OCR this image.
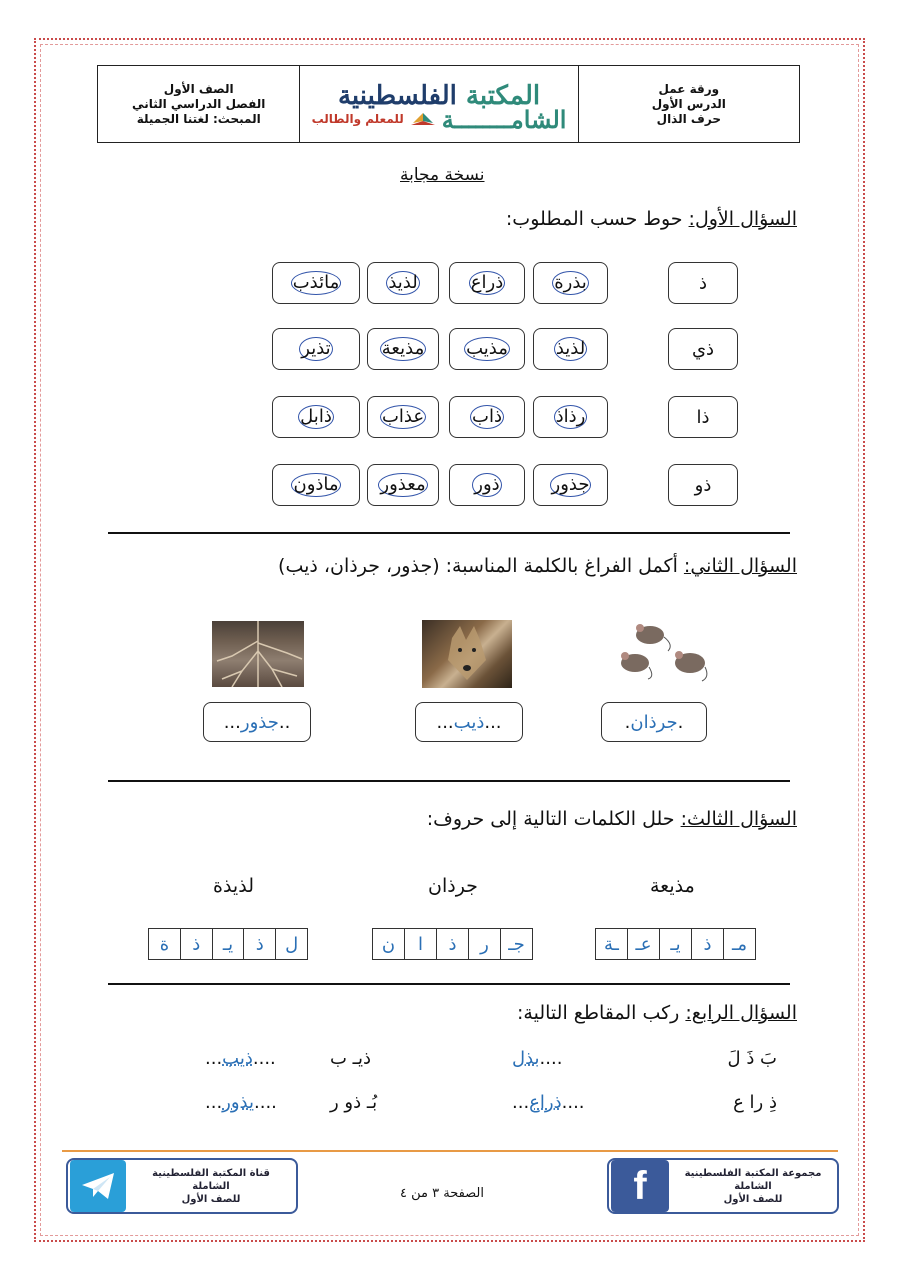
الصف الأول
الفصل الدراسي الثاني
المبحث: لغتنا الجميلة
المكتبة الفلسطينية
الشامــــــــة
للمعلم والطالب
ورقة عمل
الدرس الأول
حرف الذال
نسخة مجابة
السؤال الأول: حوط حسب المطلوب:
ذ
بذرة
ذراع
لذيذ
مائذب
ذي
لذيذ
مذيب
مذيعة
تذير
ذا
رذاذ
ذاب
عذاب
ذابل
ذو
جذور
ذور
معذور
ماذون
السؤال الثاني: أكمل الفراغ بالكلمة المناسبة: (جذور، جرذان، ذيب)
.
جرذان
.
...
ذيب
...
..
جذور
...
السؤال الثالث: حلل الكلمات التالية إلى حروف:
مذيعة
جرذان
لذيذة
مـ
ذ
يـ
عـ
ـة
جـ
ر
ذ
ا
ن
ل
ذ
يـ
ذ
ة
السؤال الرابع: ركب المقاطع التالية:
بَ ذَ لَ
....بذل
ذيـ ب
....ذيب...
ذِ را ع
....ذراع...
بُـ ذو ر
....يذور...
f	مجموعة المكتبة الفلسطينية الشاملة
للصف الأول
الصفحة ٣ من ٤
قناة المكتبة الفلسطينية الشاملة
للصف الأول
